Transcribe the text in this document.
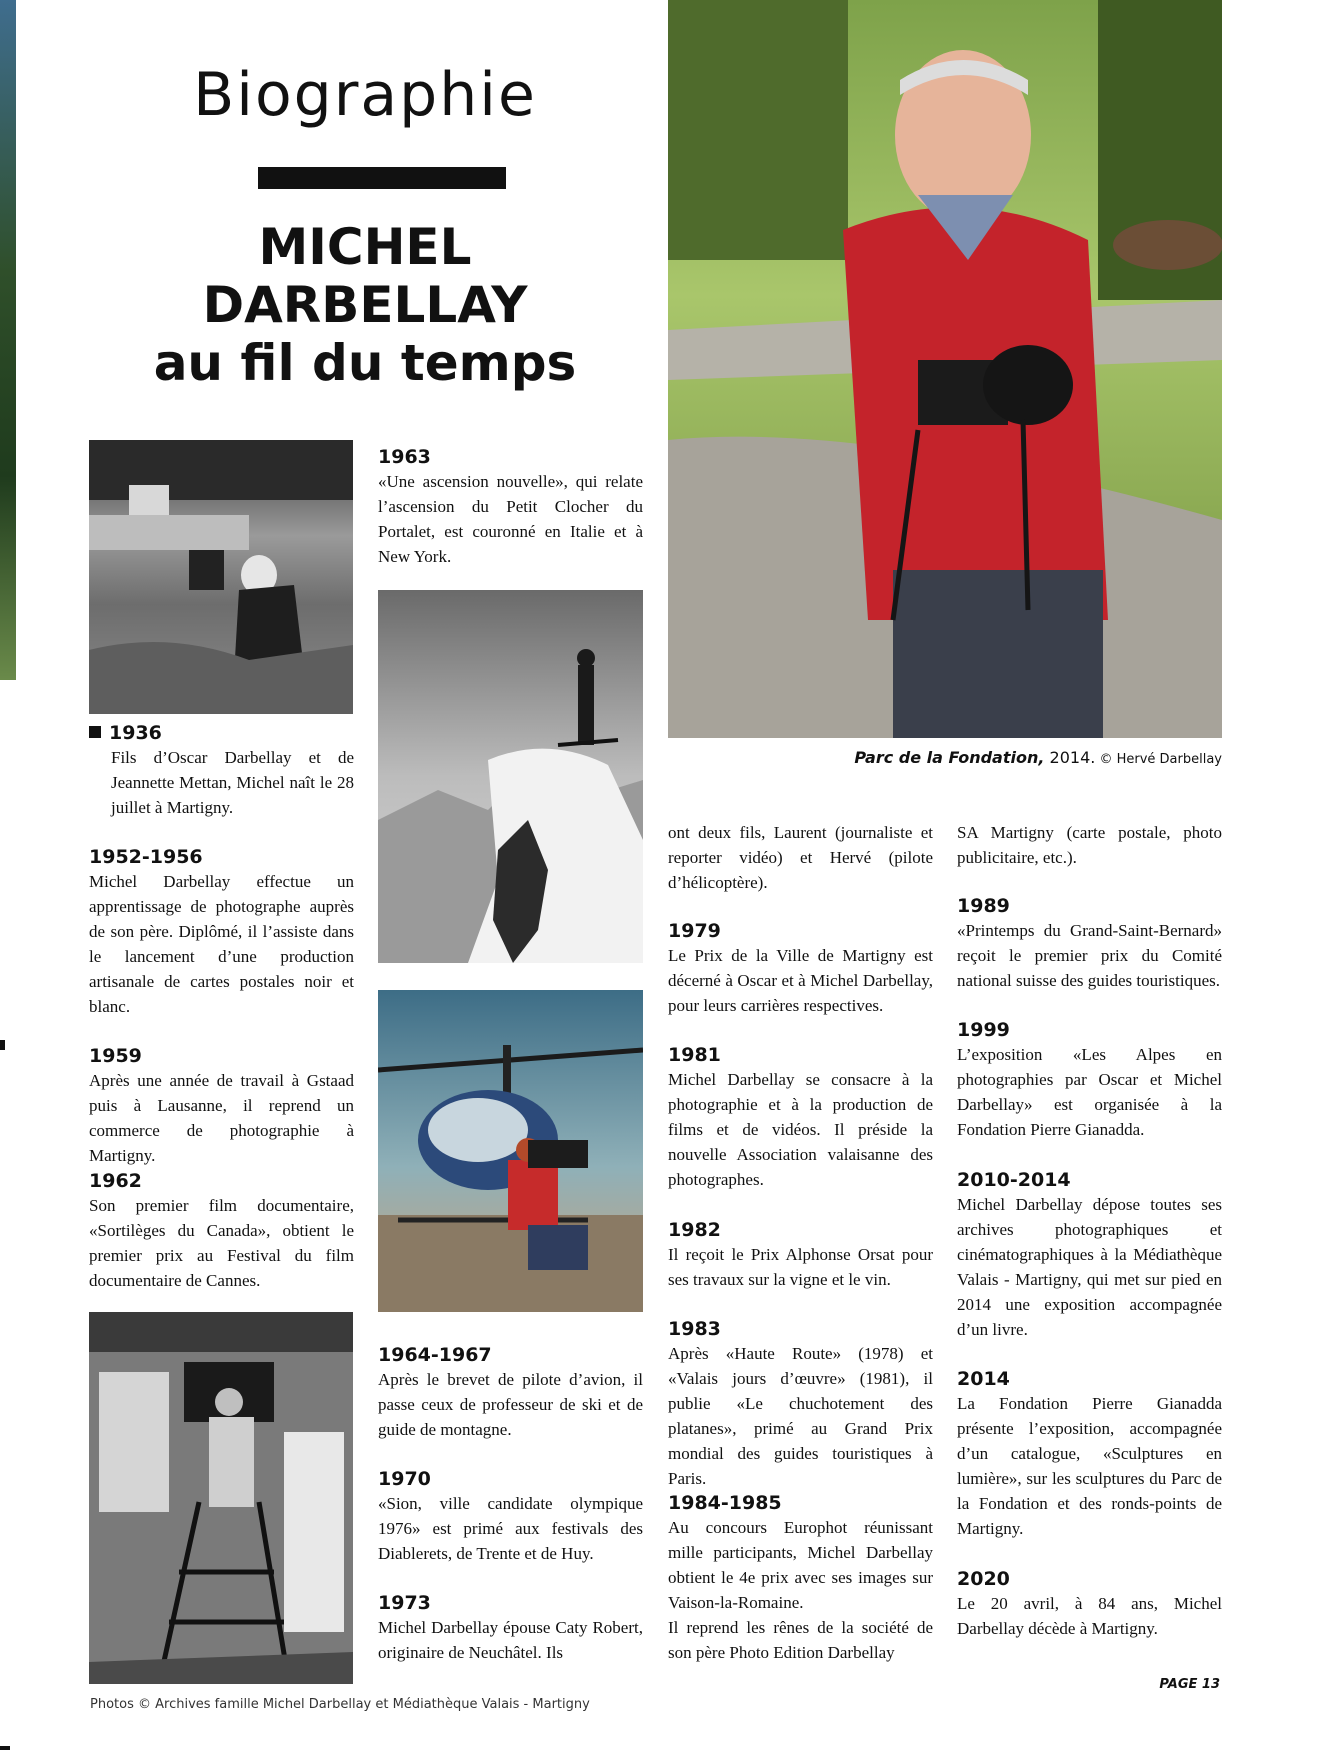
Biographie
MICHEL
DARBELLAY
au fil du temps
Parc de la Fondation, 2014. © Hervé Darbellay
1936
Fils d’Oscar Darbellay et de Jeannette Mettan, Michel naît le 28 juillet à Martigny.
1952-1956
Michel Darbellay effectue un apprentissage de photographe auprès de son père. Diplômé, il l’assiste dans le lancement d’une production artisanale de cartes postales noir et blanc.
1959
Après une année de travail à Gstaad puis à Lausanne, il reprend un commerce de photographie à Martigny.
1962
Son premier film documentaire, «Sortilèges du Canada», obtient le premier prix au Festival du film documentaire de Cannes.
1963
«Une ascension nouvelle», qui relate l’ascension du Petit Clocher du Portalet, est couronné en Italie et à New York.
1964-1967
Après le brevet de pilote d’avion, il passe ceux de professeur de ski et de guide de montagne.
1970
«Sion, ville candidate olympique 1976» est primé aux festivals des Diablerets, de Trente et de Huy.
1973
Michel Darbellay épouse Caty Robert, originaire de Neuchâtel. Ils
ont deux fils, Laurent (journaliste et reporter vidéo) et Hervé (pilote d’hélicoptère).
1979
Le Prix de la Ville de Martigny est décerné à Oscar et à Michel Darbellay, pour leurs carrières respectives.
1981
Michel Darbellay se consacre à la photographie et à la production de films et de vidéos. Il préside la nouvelle Association valaisanne des photographes.
1982
Il reçoit le Prix Alphonse Orsat pour ses travaux sur la vigne et le vin.
1983
Après «Haute Route» (1978) et «Valais jours d’œuvre» (1981), il publie «Le chuchotement des platanes», primé au Grand Prix mondial des guides touristiques à Paris.
1984-1985
Au concours Europhot réunissant mille participants, Michel Darbellay obtient le 4e prix avec ses images sur Vaison-la-Romaine.
Il reprend les rênes de la société de son père Photo Edition Darbellay
SA Martigny (carte postale, photo publicitaire, etc.).
1989
«Printemps du Grand-Saint-Bernard» reçoit le premier prix du Comité national suisse des guides touristiques.
1999
L’exposition «Les Alpes en photographies par Oscar et Michel Darbellay» est organisée à la Fondation Pierre Gianadda.
2010-2014
Michel Darbellay dépose toutes ses archives photographiques et cinématographiques à la Médiathèque Valais - Martigny, qui met sur pied en 2014 une exposition accompagnée d’un livre.
2014
La Fondation Pierre Gianadda présente l’exposition, accompagnée d’un catalogue, «Sculptures en lumière», sur les sculptures du Parc de la Fondation et des ronds-points de Martigny.
2020
Le 20 avril, à 84 ans, Michel Darbellay décède à Martigny.
PAGE 13
Photos © Archives famille Michel Darbellay et Médiathèque Valais - Martigny
